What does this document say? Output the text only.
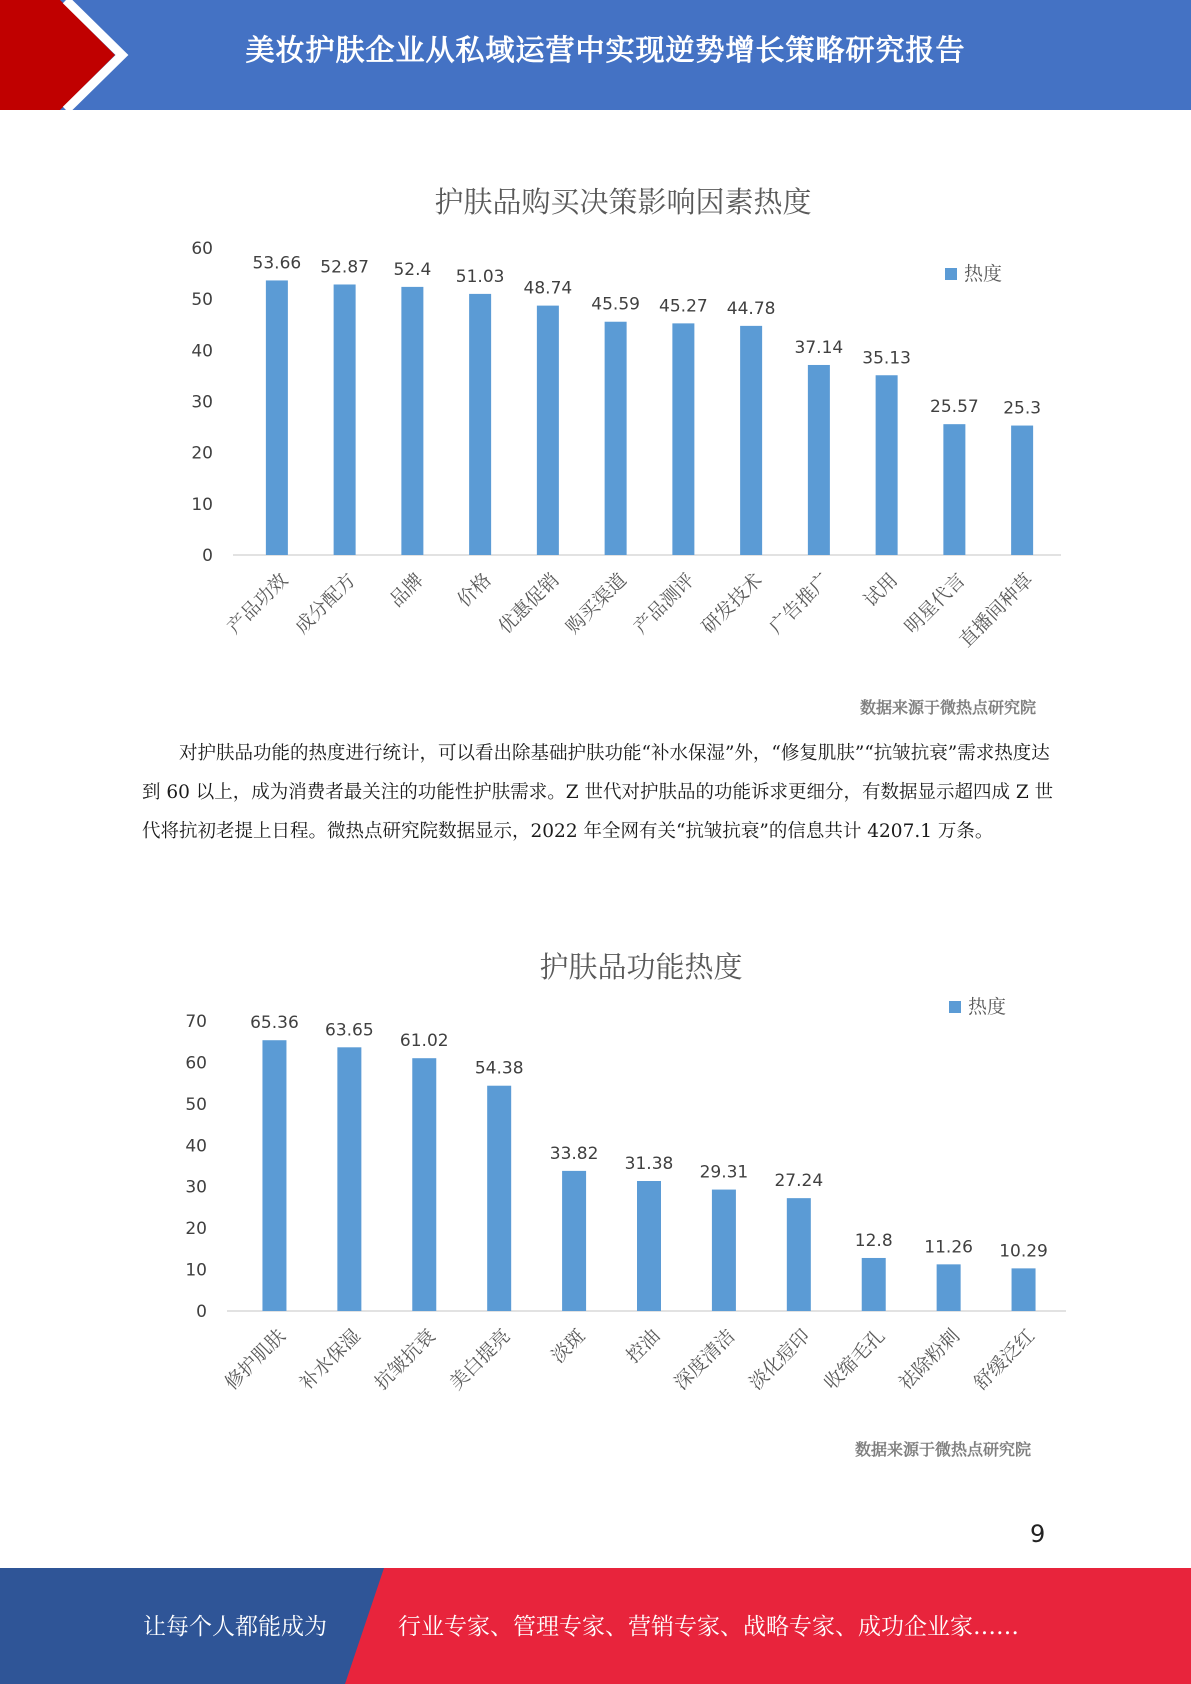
美妆护肤企业从私域运营中实现逆势增长策略研究报告
护肤品购买决策影响因素热度
0
10
20
30
40
50
60
53.66
产品功效
52.87
成分配方
52.4
品牌
51.03
价格
48.74
优惠促销
45.59
购买渠道
45.27
产品测评
44.78
研发技术
37.14
广告推广
35.13
试用
25.57
明星代言
25.3
直播间种草
热度
数据来源于微热点研究院

对护肤品功能的热度进行统计，可以看出除基础护肤功能“补水保湿”外，“修复肌肤”“抗皱抗衰”需求热度达到 60 以上，成为消费者最关注的功能性护肤需求。Z 世代对护肤品的功能诉求更细分，有数据显示超四成 Z 世代将抗初老提上日程。微热点研究院数据显示，2022 年全网有关“抗皱抗衰”的信息共计 4207.1 万条。

护肤品功能热度
0
10
20
30
40
50
60
70	65.36
修护肌肤
63.65
补水保湿
61.02
抗皱抗衰
54.38
美白提亮
33.82
淡斑
31.38
控油
29.31
深度清洁
27.24
淡化痘印
12.8
收缩毛孔
11.26
祛除粉刺
10.29
舒缓泛红
热度
数据来源于微热点研究院
9
让每个人都能成为	行业专家、管理专家、营销专家、战略专家、成功企业家……
